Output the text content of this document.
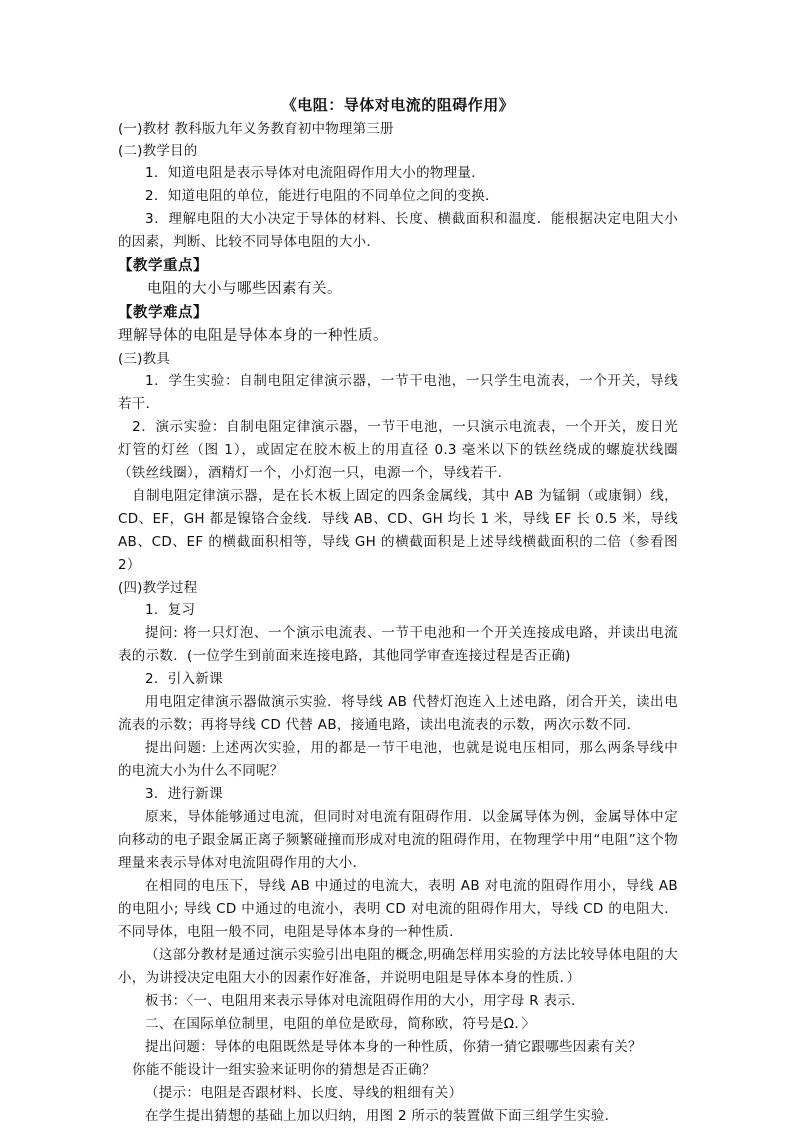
《电阻：导体对电流的阻碍作用》
(一)教材 教科版九年义务教育初中物理第三册
(二)教学目的
1．知道电阻是表示导体对电流阻碍作用大小的物理量．
2．知道电阻的单位，能进行电阻的不同单位之间的变换．
3．理解电阻的大小决定于导体的材料、长度、横截面积和温度．能根据决定电阻大小的因素，判断、比较不同导体电阻的大小．
【教学重点】
电阻的大小与哪些因素有关。
【教学难点】
理解导体的电阻是导体本身的一种性质。
(三)教具
1．学生实验：自制电阻定律演示器，一节干电池，一只学生电流表，一个开关，导线若干．
2．演示实验：自制电阻定律演示器，一节干电池，一只演示电流表，一个开关，废日光灯管的灯丝（图 1），或固定在胶木板上的用直径 0.3 毫米以下的铁丝绕成的螺旋状线圈（铁丝线圈），酒精灯一个，小灯泡一只，电源一个，导线若干．
自制电阻定律演示器，是在长木板上固定的四条金属线，其中 AB 为锰铜（或康铜）线，CD、EF，GH 都是镍铬合金线．导线 AB、CD、GH 均长 1 米，导线 EF 长 0.5 米，导线 AB、CD、EF 的横截面积相等，导线 GH 的横截面积是上述导线横截面积的二倍（参看图 2）
(四)教学过程
1．复习
提问: 将一只灯泡、一个演示电流表、一节干电池和一个开关连接成电路，并读出电流表的示数．(一位学生到前面来连接电路，其他同学审查连接过程是否正确)
2．引入新课
用电阻定律演示器做演示实验．将导线 AB 代替灯泡连入上述电路，闭合开关，读出电流表的示数；再将导线 CD 代替 AB，接通电路，读出电流表的示数，两次示数不同．
提出问题: 上述两次实验，用的都是一节干电池，也就是说电压相同，那么两条导线中的电流大小为什么不同呢？
3．进行新课
原来，导体能够通过电流，但同时对电流有阻碍作用．以金属导体为例，金属导体中定向移动的电子跟金属正离子频繁碰撞而形成对电流的阻碍作用，在物理学中用“电阻”这个物理量来表示导体对电流阻碍作用的大小．
在相同的电压下，导线 AB 中通过的电流大，表明 AB 对电流的阻碍作用小，导线 AB 的电阻小; 导线 CD 中通过的电流小，表明 CD 对电流的阻碍作用大，导线 CD 的电阻大．不同导体，电阻一般不同，电阻是导体本身的一种性质．
（这部分教材是通过演示实验引出电阻的概念,明确怎样用实验的方法比较导体电阻的大小，为讲授决定电阻大小的因素作好准备，并说明电阻是导体本身的性质．）
板书：〈一、电阻用来表示导体对电流阻碍作用的大小，用字母 R 表示．
二、在国际单位制里，电阻的单位是欧母，简称欧，符号是Ω．〉
提出问题：导体的电阻既然是导体本身的一种性质，你猜一猜它跟哪些因素有关？
你能不能设计一组实验来证明你的猜想是否正确？
（提示：电阻是否跟材料、长度、导线的粗细有关）
在学生提出猜想的基础上加以归纳，用图 2 所示的装置做下面三组学生实验．
